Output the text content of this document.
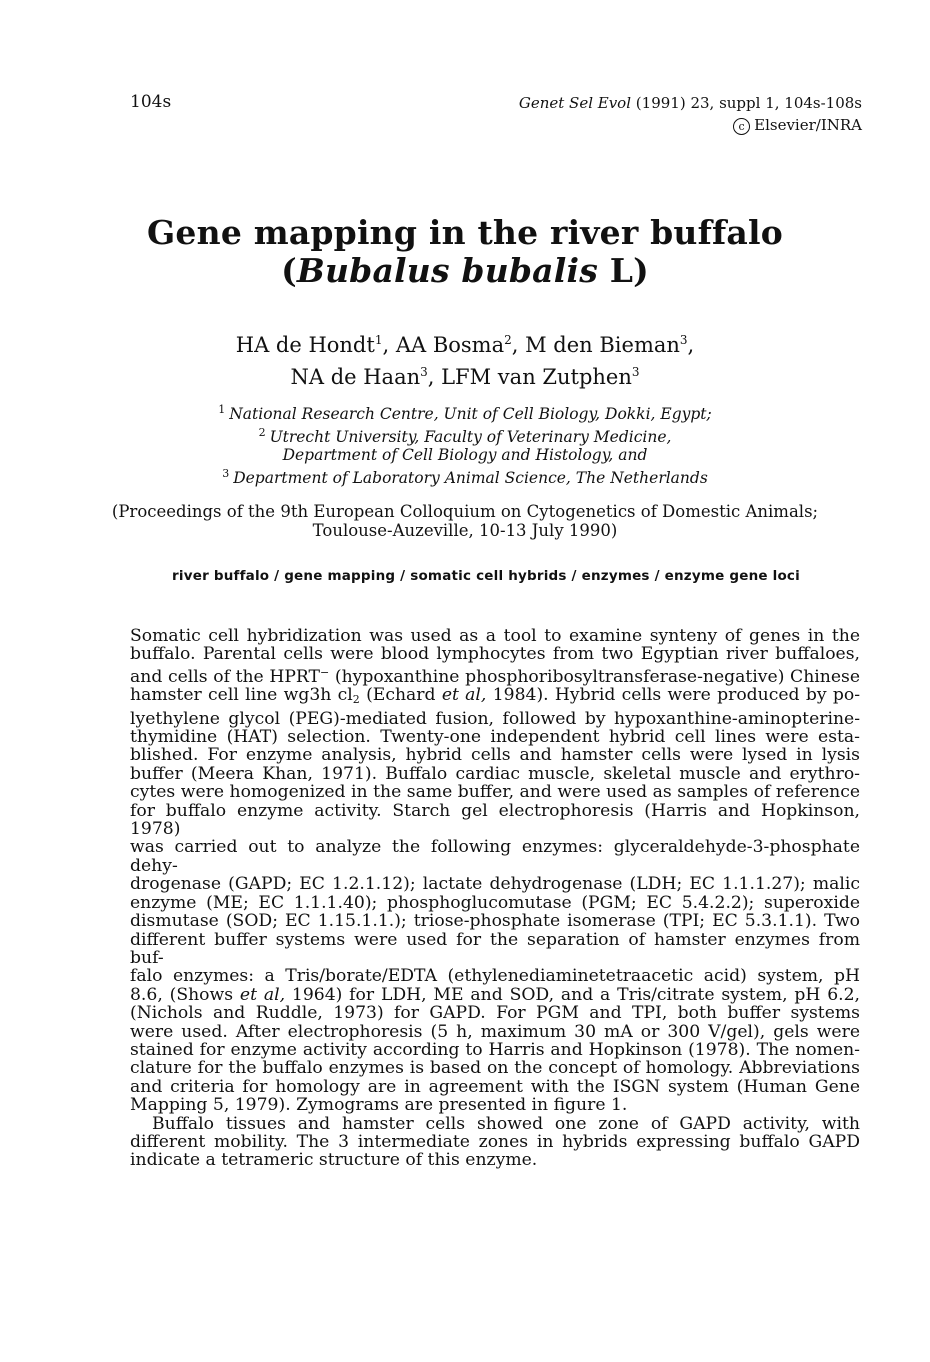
104s	Genet Sel Evol (1991) 23, suppl 1, 104s-108s
c Elsevier/INRA
Gene mapping in the river buffalo
(Bubalus bubalis L)
HA de Hondt$^1$, AA Bosma$^2$, M den Bieman$^3$,
NA de Haan$^3$, LFM van Zutphen$^3$
$^1$ National Research Centre, Unit of Cell Biology, Dokki, Egypt;
$^2$ Utrecht University, Faculty of Veterinary Medicine,
Department of Cell Biology and Histology, and
$^3$ Department of Laboratory Animal Science, The Netherlands
(Proceedings of the 9th European Colloquium on Cytogenetics of Domestic Animals;
Toulouse-Auzeville, 10-13 July 1990)
river buffalo / gene mapping / somatic cell hybrids / enzymes / enzyme gene loci

Somatic cell hybridization was used as a tool to examine synteny of genes in the
buffalo. Parental cells were blood lymphocytes from two Egyptian river buffaloes,
and cells of the HPRT− (hypoxanthine phosphoribosyltransferase-negative) Chinese
hamster cell line wg3h $cl_2$ (Echard et al, 1984). Hybrid cells were produced by po-
lyethylene glycol (PEG)-mediated fusion, followed by hypoxanthine-aminopterine-
thymidine (HAT) selection. Twenty-one independent hybrid cell lines were esta-
blished. For enzyme analysis, hybrid cells and hamster cells were lysed in lysis
buffer (Meera Khan, 1971). Buffalo cardiac muscle, skeletal muscle and erythro-
cytes were homogenized in the same buffer, and were used as samples of reference
for buffalo enzyme activity. Starch gel electrophoresis (Harris and Hopkinson, 1978)
was carried out to analyze the following enzymes: glyceraldehyde-3-phosphate dehy-
drogenase (GAPD; EC 1.2.1.12); lactate dehydrogenase (LDH; EC 1.1.1.27); malic
enzyme (ME; EC 1.1.1.40); phosphoglucomutase (PGM; EC 5.4.2.2); superoxide
dismutase (SOD; EC 1.15.1.1.); triose-phosphate isomerase (TPI; EC 5.3.1.1). Two
different buffer systems were used for the separation of hamster enzymes from buf-
falo enzymes: a Tris/borate/EDTA (ethylenediaminetetraacetic acid) system, pH
8.6, (Shows et al, 1964) for LDH, ME and SOD, and a Tris/citrate system, pH 6.2,
(Nichols and Ruddle, 1973) for GAPD. For PGM and TPI, both buffer systems
were used. After electrophoresis (5 h, maximum 30 mA or 300 V/gel), gels were
stained for enzyme activity according to Harris and Hopkinson (1978). The nomen-
clature for the buffalo enzymes is based on the concept of homology. Abbreviations
and criteria for homology are in agreement with the ISGN system (Human Gene
Mapping 5, 1979). Zymograms are presented in figure 1.

Buffalo tissues and hamster cells showed one zone of GAPD activity, with
different mobility. The 3 intermediate zones in hybrids expressing buffalo GAPD
indicate a tetrameric structure of this enzyme.
